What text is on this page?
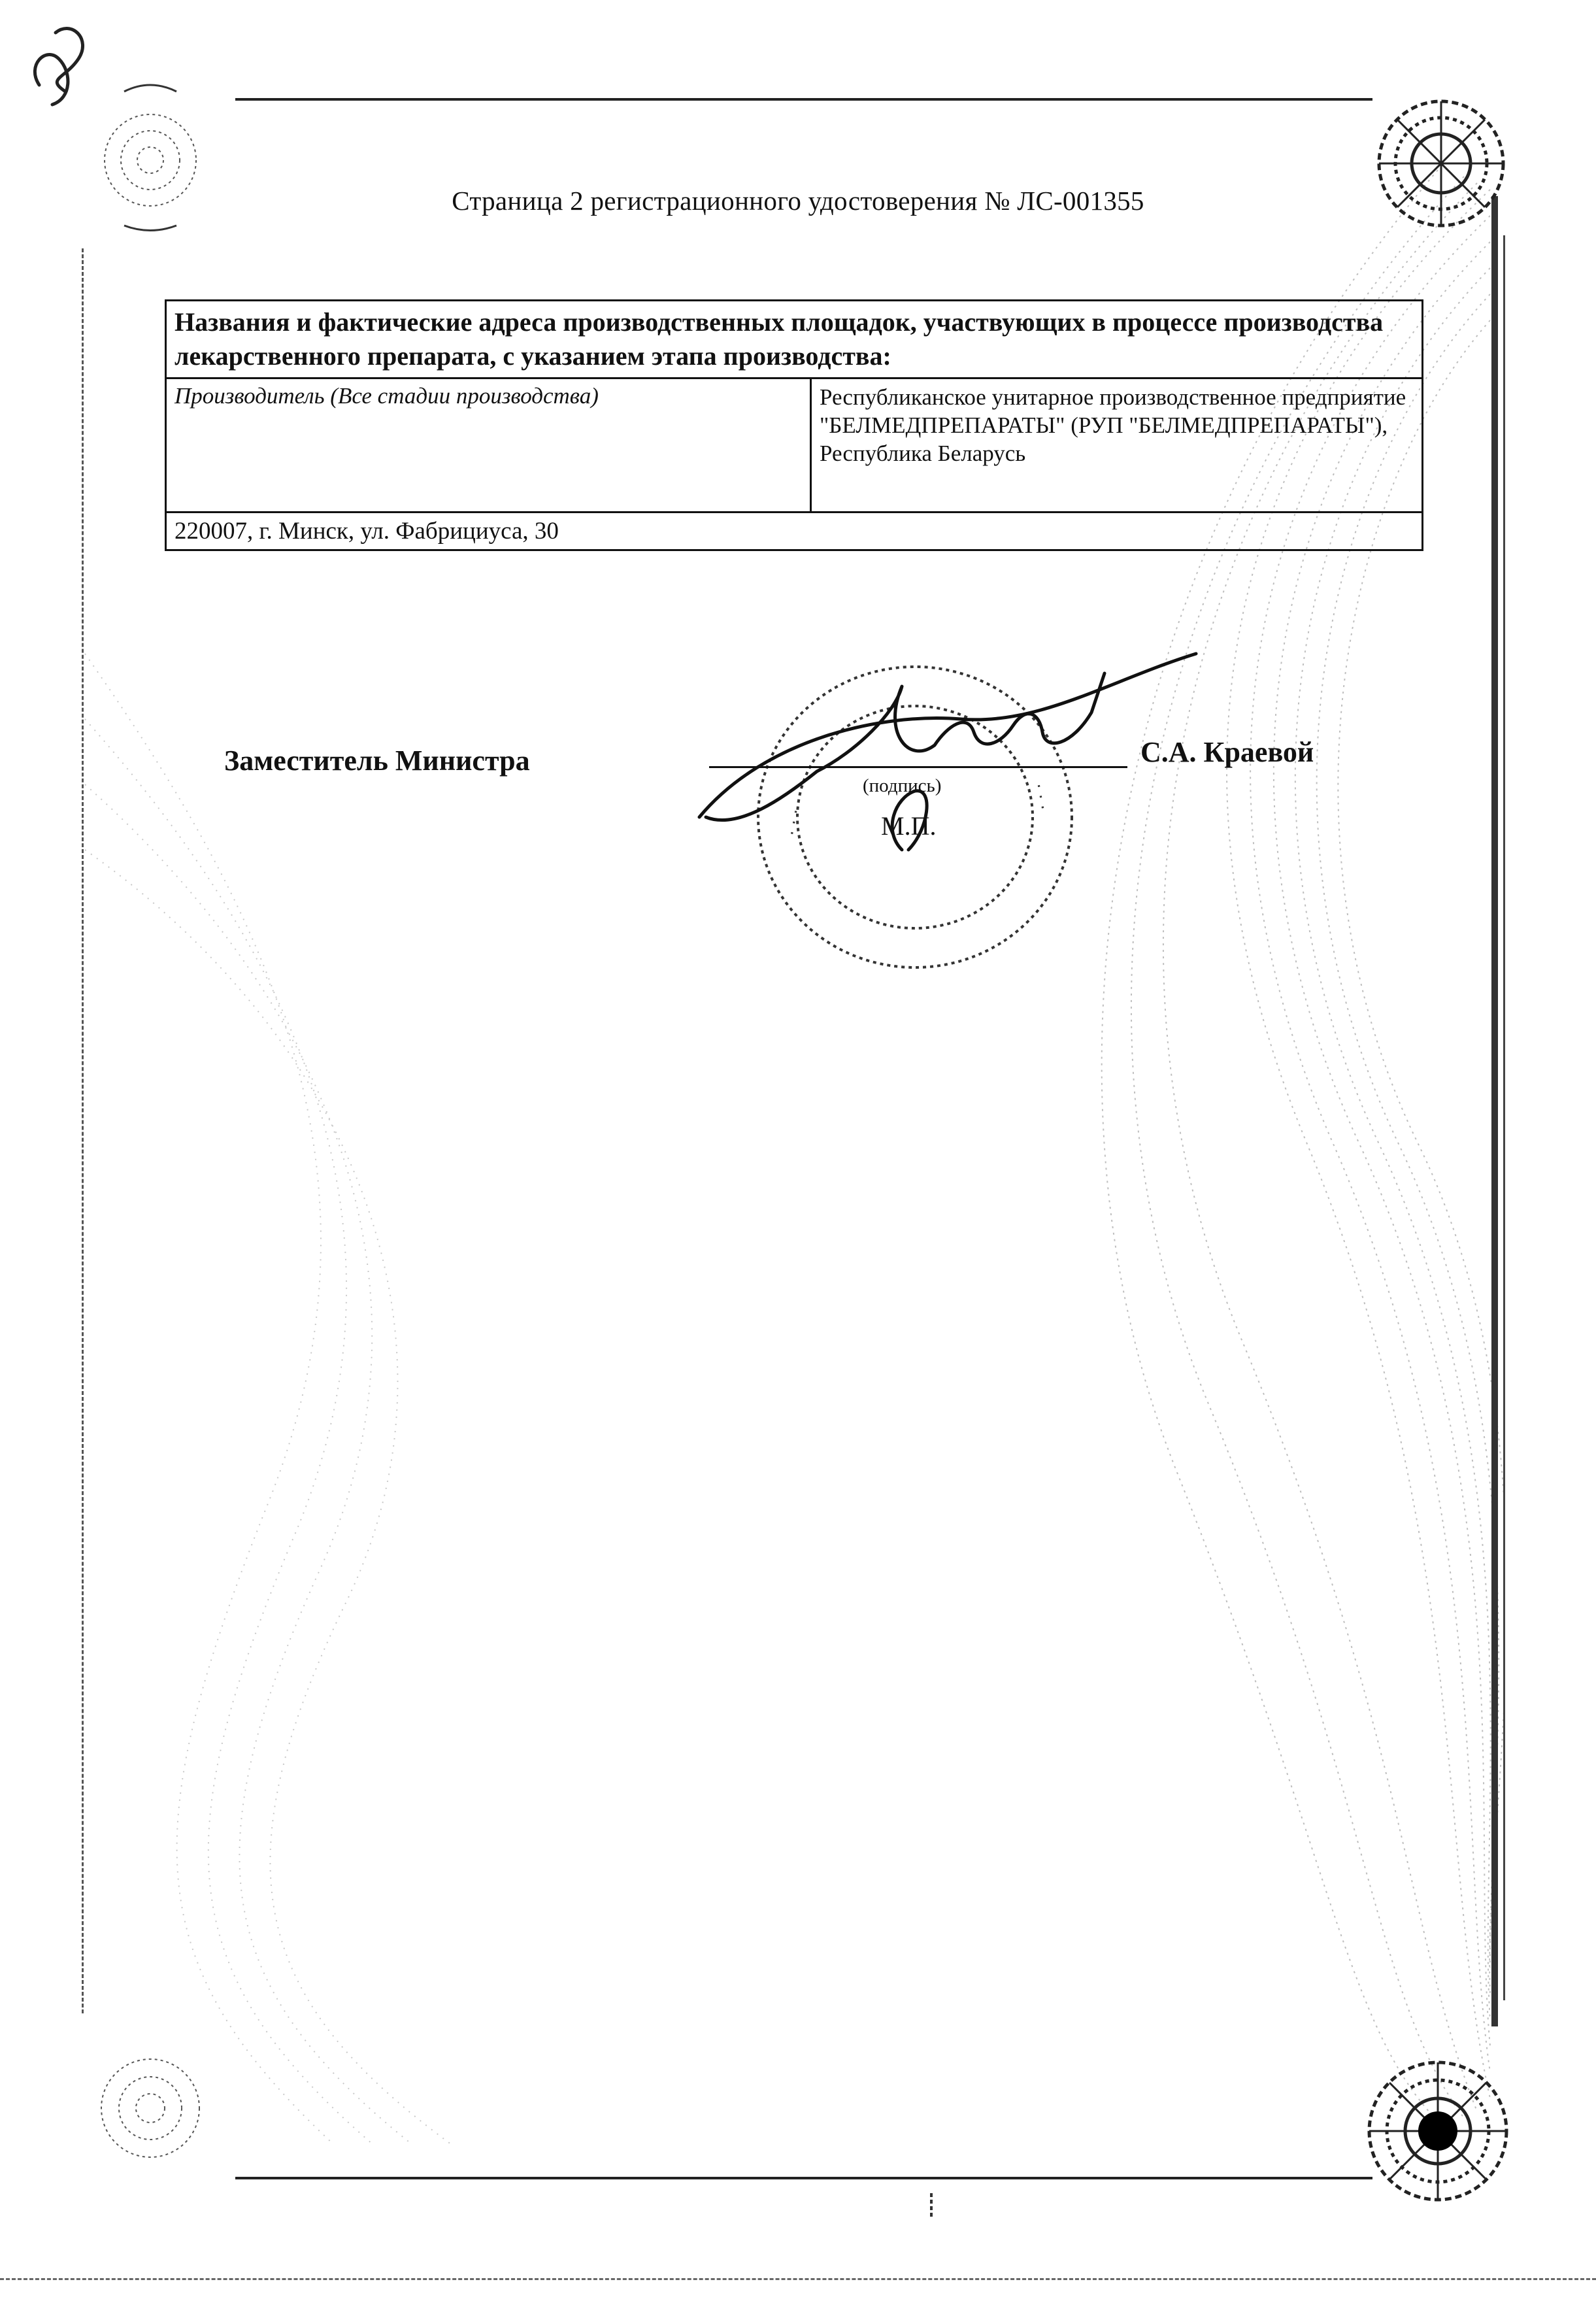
Страница 2 регистрационного удостоверения № ЛС-001355
Названия и фактические адреса производственных площадок, участвующих в процессе производства лекарственного препарата, с указанием этапа производства:
Производитель (Все стадии производства)	Республиканское унитарное производственное предприятие "БЕЛМЕДПРЕПАРАТЫ" (РУП "БЕЛМЕДПРЕПАРАТЫ"), Республика Беларусь
220007, г. Минск, ул. Фабрициуса, 30
· · ·
· · ·
Заместитель Министра
(подпись)
М.П.
С.А. Краевой
